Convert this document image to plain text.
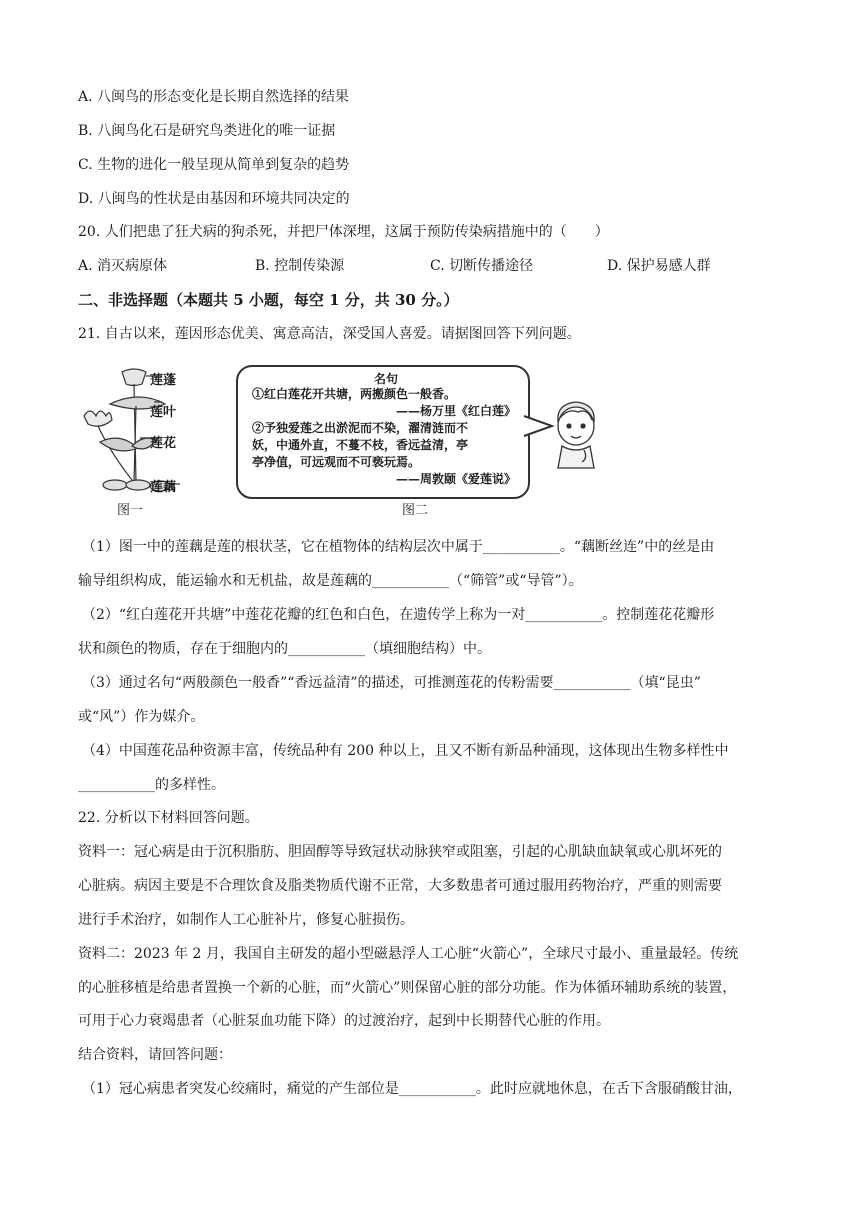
A. 八闽鸟的形态变化是长期自然选择的结果
B. 八闽鸟化石是研究鸟类进化的唯一证据
C. 生物的进化一般呈现从简单到复杂的趋势
D. 八闽鸟的性状是由基因和环境共同决定的
20. 人们把患了狂犬病的狗杀死，并把尸体深埋，这属于预防传染病措施中的（　　）
A. 消灭病原体	B. 控制传染源	C. 切断传播途径	D. 保护易感人群
二、非选择题（本题共 5 小题，每空 1 分，共 30 分。）
21. 自古以来，莲因形态优美、寓意高洁，深受国人喜爱。请据图回答下列问题。
莲蓬
莲叶
莲花
莲藕
图一
名句
①红白莲花开共塘，两搬颜色一般香。
——杨万里《红白莲》
②予独爱莲之出淤泥而不染，濯清涟而不
妖，中通外直，不蔓不枝，香远益清，亭
亭净值，可远观而不可亵玩焉。
——周敦颐《爱莲说》
图二
（1）图一中的莲藕是莲的根状茎，它在植物体的结构层次中属于___________。“藕断丝连”中的丝是由
输导组织构成，能运输水和无机盐，故是莲藕的___________（“筛管”或“导管”）。
（2）“红白莲花开共塘”中莲花花瓣的红色和白色，在遗传学上称为一对___________。控制莲花花瓣形
状和颜色的物质，存在于细胞内的___________（填细胞结构）中。
（3）通过名句“两般颜色一般香”“香远益清”的描述，可推测莲花的传粉需要___________（填“昆虫”
或“风”）作为媒介。
（4）中国莲花品种资源丰富，传统品种有 200 种以上，且又不断有新品种涌现，这体现出生物多样性中
___________的多样性。
22. 分析以下材料回答问题。
资料一：冠心病是由于沉积脂肪、胆固醇等导致冠状动脉狭窄或阻塞，引起的心肌缺血缺氧或心肌坏死的
心脏病。病因主要是不合理饮食及脂类物质代谢不正常，大多数患者可通过服用药物治疗，严重的则需要
进行手术治疗，如制作人工心脏补片，修复心脏损伤。
资料二：2023 年 2 月，我国自主研发的超小型磁悬浮人工心脏“火箭心”，全球尺寸最小、重量最轻。传统
的心脏移植是给患者置换一个新的心脏，而“火箭心”则保留心脏的部分功能。作为体循环辅助系统的装置，
可用于心力衰竭患者（心脏泵血功能下降）的过渡治疗，起到中长期替代心脏的作用。
结合资料，请回答问题：
（1）冠心病患者突发心绞痛时，痛觉的产生部位是___________。此时应就地休息，在舌下含服硝酸甘油，
